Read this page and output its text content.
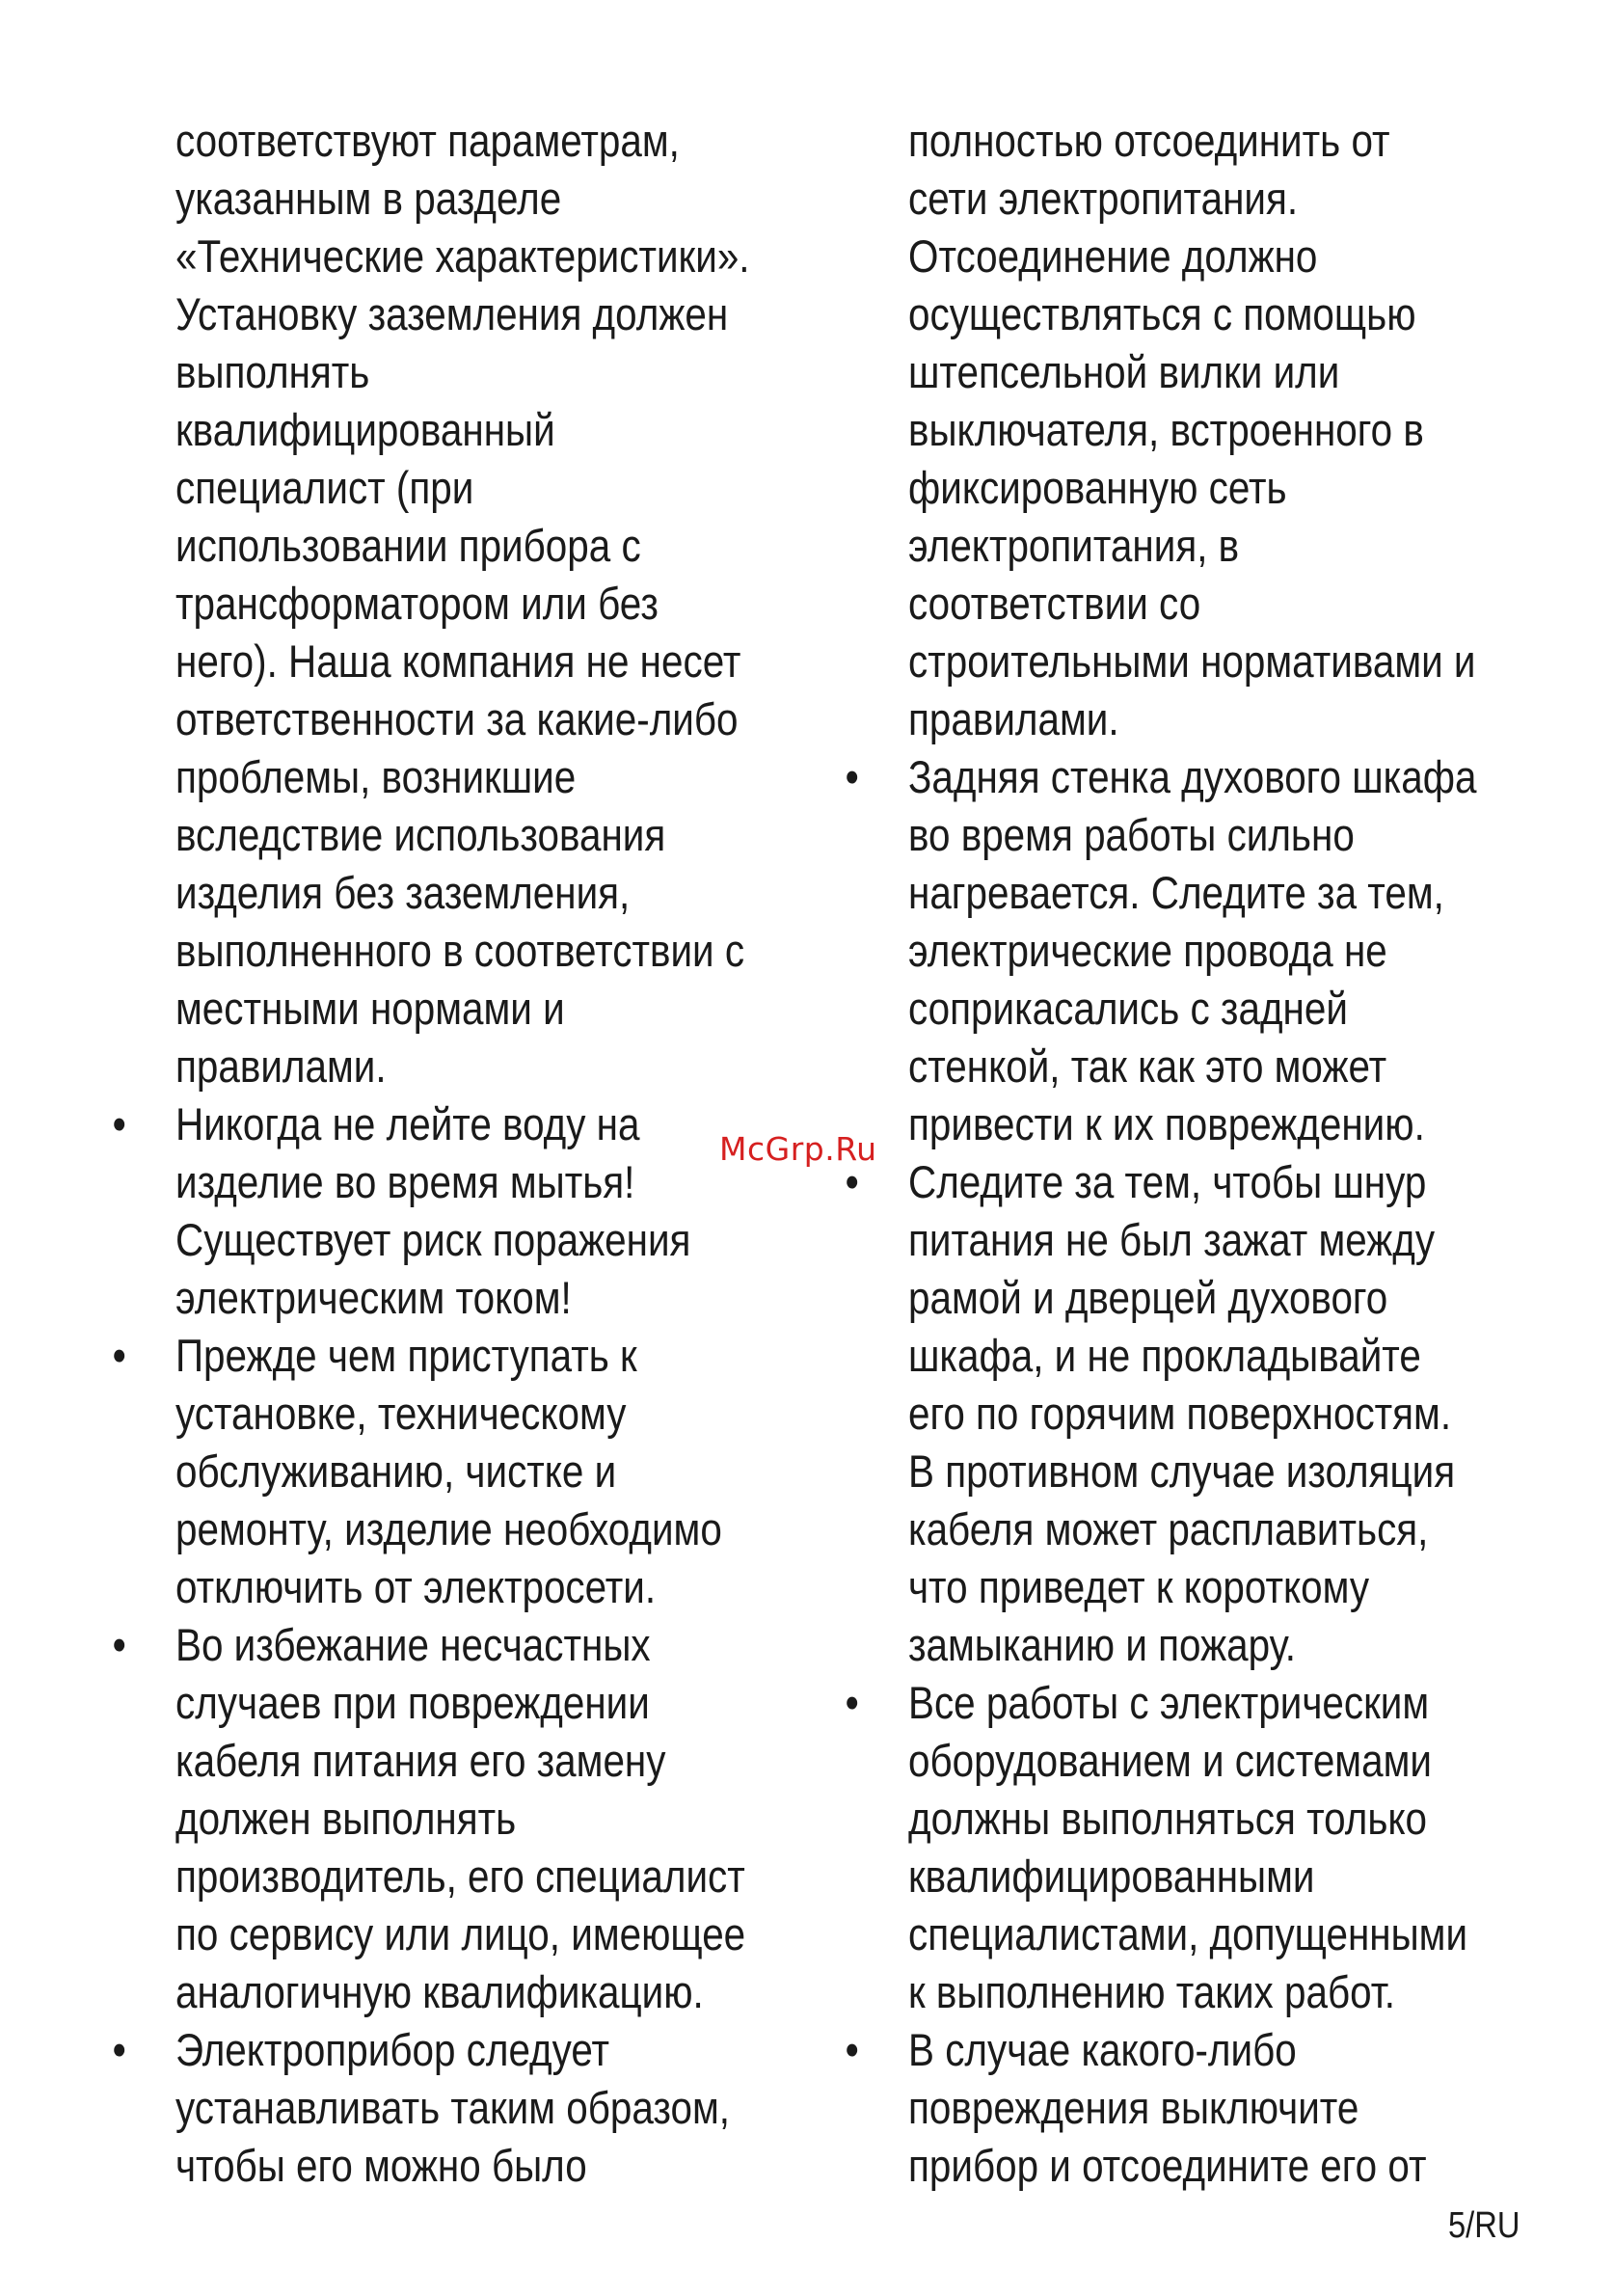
соответствуют параметрам,
указанным в разделе
«Технические характеристики».
Установку заземления должен
выполнять
квалифицированный
специалист (при
использовании прибора с
трансформатором или без
него). Наша компания не несет
ответственности за какие-либо
проблемы, возникшие
вследствие использования
изделия без заземления,
выполненного в соответствии с
местными нормами и
правилами.
• Никогда не лейте воду на
изделие во время мытья!
Существует риск поражения
электрическим током!
• Прежде чем приступать к
установке, техническому
обслуживанию, чистке и
ремонту, изделие необходимо
отключить от электросети.
• Во избежание несчастных
случаев при повреждении
кабеля питания его замену
должен выполнять
производитель, его специалист
по сервису или лицо, имеющее
аналогичную квалификацию.
• Электроприбор следует
устанавливать таким образом,
чтобы его можно было
полностью отсоединить от
сети электропитания.
Отсоединение должно
осуществляться с помощью
штепсельной вилки или
выключателя, встроенного в
фиксированную сеть
электропитания, в
соответствии со
строительными нормативами и
правилами.
• Задняя стенка духового шкафа
во время работы сильно
нагревается. Следите за тем,
электрические провода не
соприкасались с задней
стенкой, так как это может
привести к их повреждению.
• Следите за тем, чтобы шнур
питания не был зажат между
рамой и дверцей духового
шкафа, и не прокладывайте
его по горячим поверхностям.
В противном случае изоляция
кабеля может расплавиться,
что приведет к короткому
замыканию и пожару.
• Все работы с электрическим
оборудованием и системами
должны выполняться только
квалифицированными
специалистами, допущенными
к выполнению таких работ.
• В случае какого-либо
повреждения выключите
прибор и отсоедините его от
McGrp.Ru
5/RU
